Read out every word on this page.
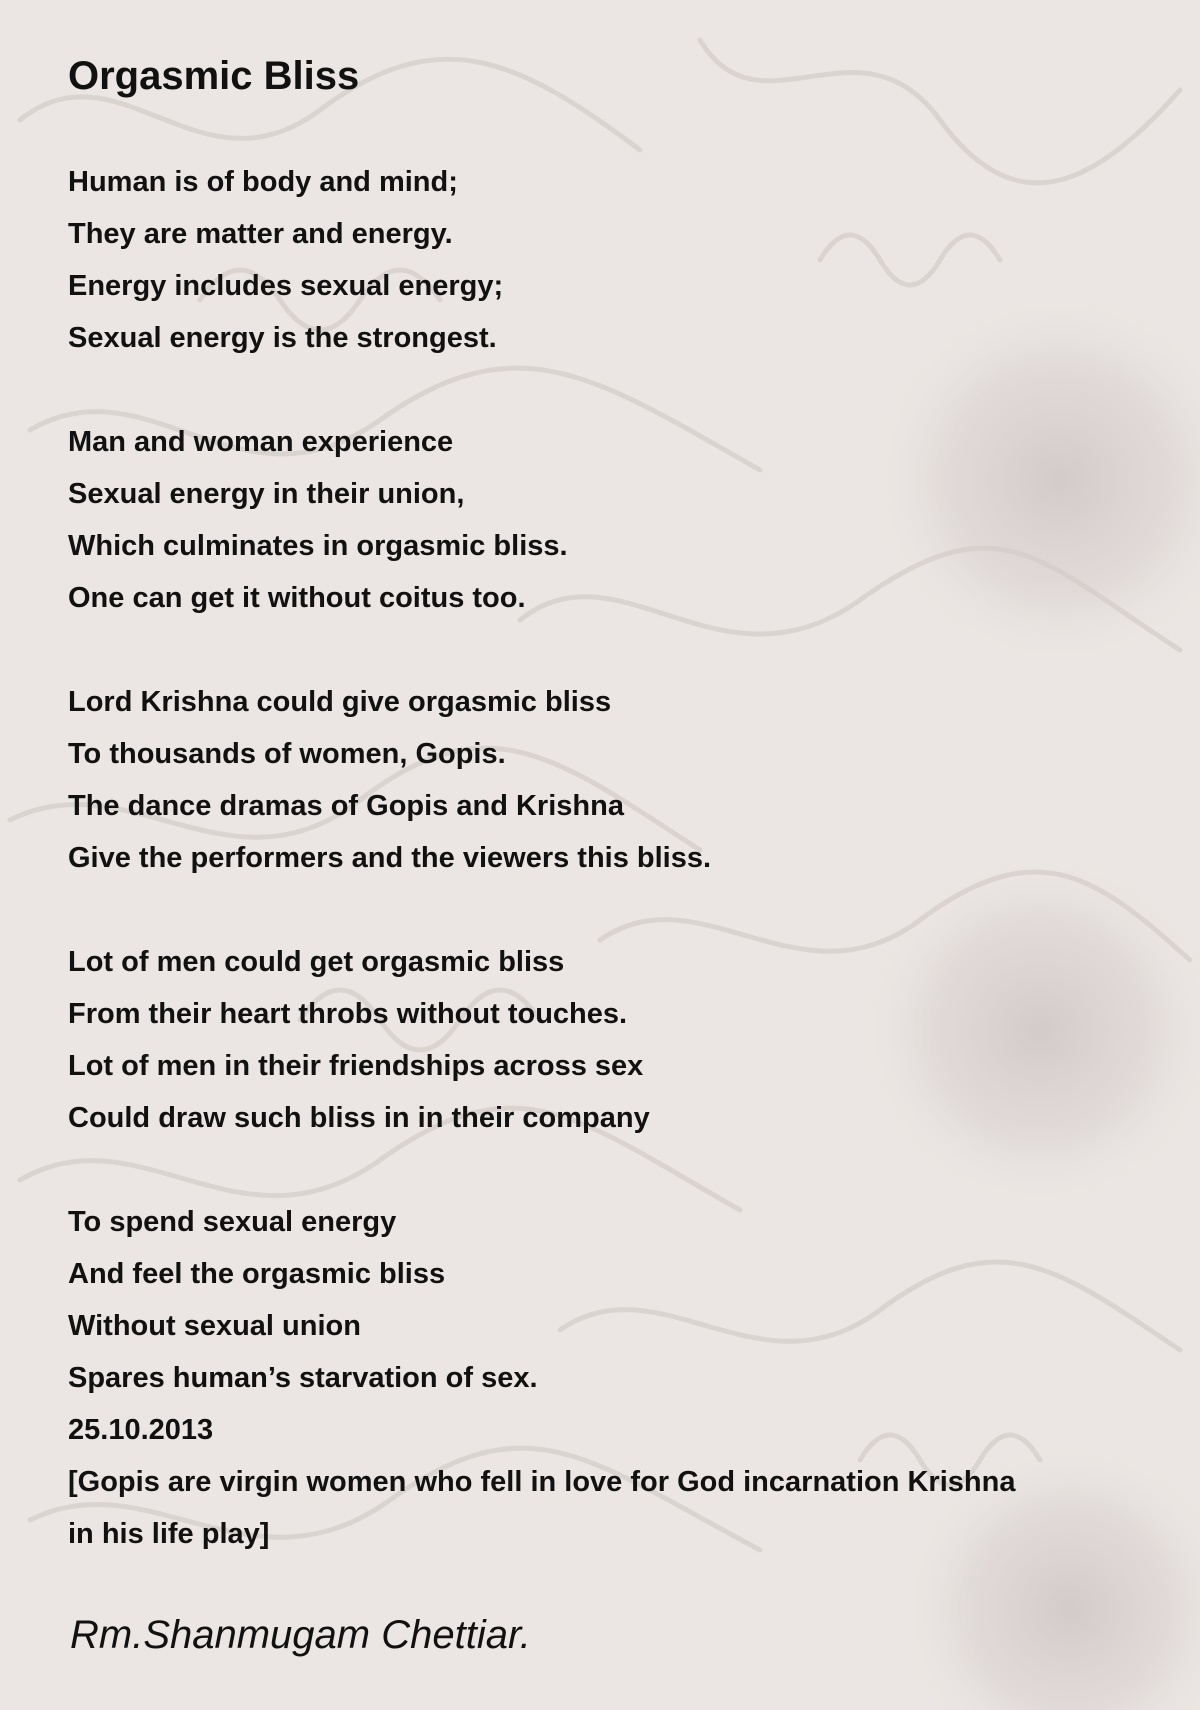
Orgasmic Bliss
Human is of body and mind;
They are matter and energy.
Energy includes sexual energy;
Sexual energy is the strongest.
Man and woman experience
Sexual energy in their union,
Which culminates in orgasmic bliss.
One can get it without coitus too.
Lord Krishna could give orgasmic bliss
To thousands of women, Gopis.
The dance dramas of Gopis and Krishna
Give the performers and the viewers this bliss.
Lot of men could get orgasmic bliss
From their heart throbs without touches.
Lot of men in their friendships across sex
Could draw such bliss in in their company
To spend sexual energy
And feel the orgasmic bliss
Without sexual union
Spares human’s starvation of sex.
25.10.2013
[Gopis are virgin women who fell in love for God incarnation Krishna
in his life play]
Rm.Shanmugam Chettiar.
